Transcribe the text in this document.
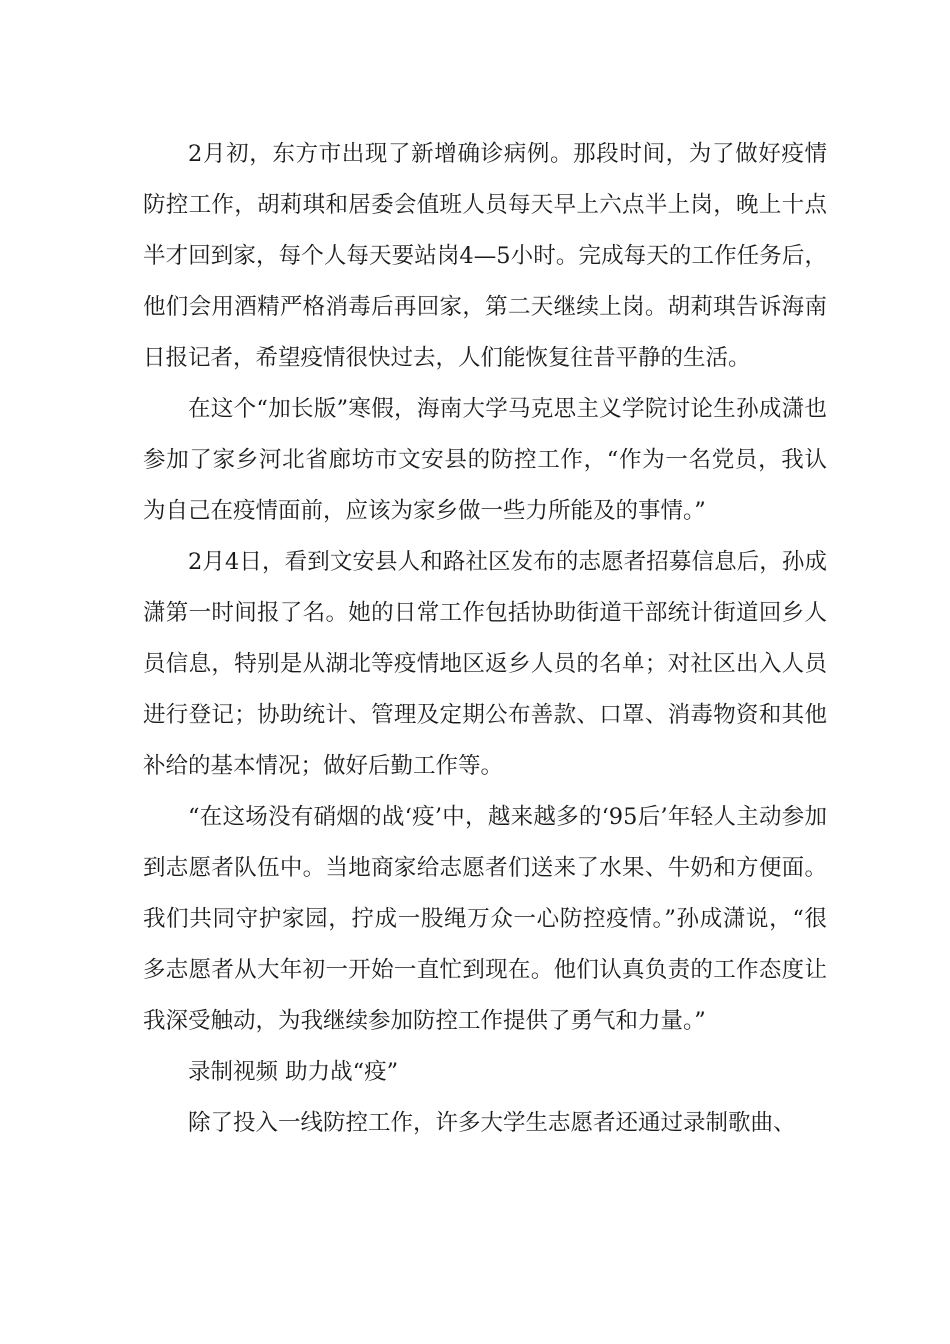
2月初，东方市出现了新增确诊病例。那段时间，为了做好疫情防控工作，胡莉琪和居委会值班人员每天早上六点半上岗，晚上十点半才回到家，每个人每天要站岗4—5小时。完成每天的工作任务后，他们会用酒精严格消毒后再回家，第二天继续上岗。胡莉琪告诉海南日报记者，希望疫情很快过去，人们能恢复往昔平静的生活。

在这个“加长版”寒假，海南大学马克思主义学院讨论生孙成潇也参加了家乡河北省廊坊市文安县的防控工作，“作为一名党员，我认为自己在疫情面前，应该为家乡做一些力所能及的事情。”

2月4日，看到文安县人和路社区发布的志愿者招募信息后，孙成潇第一时间报了名。她的日常工作包括协助街道干部统计街道回乡人员信息，特别是从湖北等疫情地区返乡人员的名单；对社区出入人员进行登记；协助统计、管理及定期公布善款、口罩、消毒物资和其他补给的基本情况；做好后勤工作等。

“在这场没有硝烟的战‘疫’中，越来越多的‘95后’年轻人主动参加到志愿者队伍中。当地商家给志愿者们送来了水果、牛奶和方便面。我们共同守护家园，拧成一股绳万众一心防控疫情。”孙成潇说，“很多志愿者从大年初一开始一直忙到现在。他们认真负责的工作态度让我深受触动，为我继续参加防控工作提供了勇气和力量。”

录制视频 助力战“疫”

除了投入一线防控工作，许多大学生志愿者还通过录制歌曲、
